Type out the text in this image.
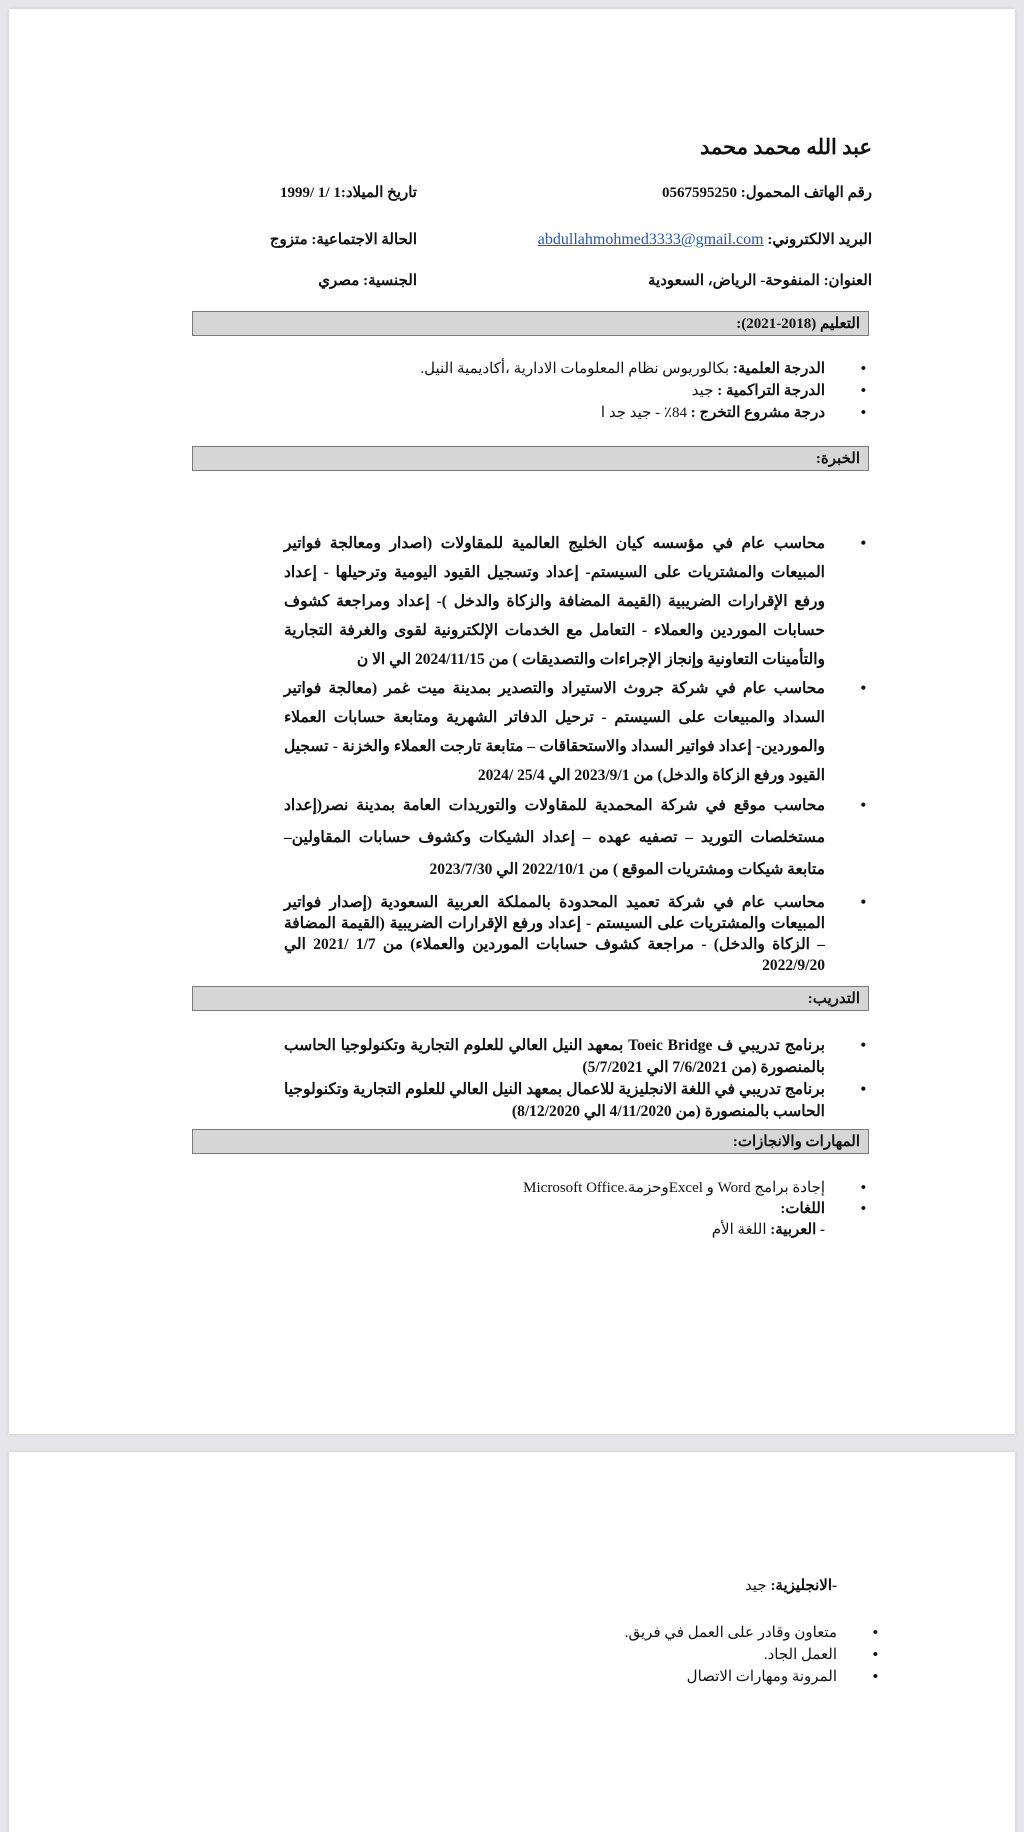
عبد الله محمد محمد
رقم الهاتف المحمول: 0567595250
تاريخ الميلاد:1 /1 /1999
البريد الالكتروني: abdullahmohmed3333@gmail.com
الحالة الاجتماعية: متزوج
العنوان: المنفوحة- الرياض، السعودية
الجنسية: مصري
التعليم (2018-2021):
•
الدرجة العلمية: بكالوريوس نظام المعلومات الادارية ،أكاديمية النيل.
•
الدرجة التراكمية : جيد
•
درجة مشروع التخرج : 84٪ - جيد جد ا
الخبرة:
•
محاسب عام في مؤسسه كيان الخليج العالمية للمقاولات (اصدار ومعالجة فواتير المبيعات والمشتريات على السيستم- إعداد وتسجيل القيود اليومية وترحيلها - إعداد ورفع الإقرارات الضريبية (القيمة المضافة والزكاة والدخل )- إعداد ومراجعة كشوف حسابات الموردين والعملاء - التعامل مع الخدمات الإلكترونية لقوى والغرفة التجارية والتأمينات التعاونية وإنجاز الإجراءات والتصديقات ) من 2024/11/15 الي الا ن
•
محاسب عام في شركة جروث الاستيراد والتصدير بمدينة ميت غمر (معالجة فواتير السداد والمبيعات على السيستم - ترحيل الدفاتر الشهرية ومتابعة حسابات العملاء والموردين- إعداد فواتير السداد والاستحقاقات – متابعة تارجت العملاء والخزنة - تسجيل القيود ورفع الزكاة والدخل) من 2023/9/1 الي 25/4 /2024
•
محاسب موقع في شركة المحمدية للمقاولات والتوريدات العامة بمدينة نصر(إعداد مستخلصات التوريد – تصفيه عهده – إعداد الشيكات وكشوف حسابات المقاولين– متابعة شيكات ومشتريات الموقع ) من 2022/10/1 الي 2023/7/30
•
محاسب عام في شركة تعميد المحدودة بالمملكة العربية السعودية (إصدار فواتير المبيعات والمشتريات على السيستم - إعداد ورفع الإقرارات الضريبية (القيمة المضافة – الزكاة والدخل) - مراجعة كشوف حسابات الموردين والعملاء) من 1/7 /2021 الي 2022/9/20
التدريب:
•
برنامج تدريبي ف Toeic Bridge بمعهد النيل العالي للعلوم التجارية وتكنولوجيا الحاسب بالمنصورة (من 7/6/2021 الي 5/7/2021)
•
برنامج تدريبي في اللغة الانجليزية للاعمال بمعهد النيل العالي للعلوم التجارية وتكنولوجيا الحاسب بالمنصورة (من 4/11/2020 الي 8/12/2020)
المهارات والانجازات:
•
إجادة برامج Word و Excelوحزمة.Microsoft Office
•
اللغات:
- العربية: اللغة الأم
-الانجليزية: جيد
•
متعاون وقادر على العمل في فريق.
•
العمل الجاد.
•
المرونة ومهارات الاتصال
